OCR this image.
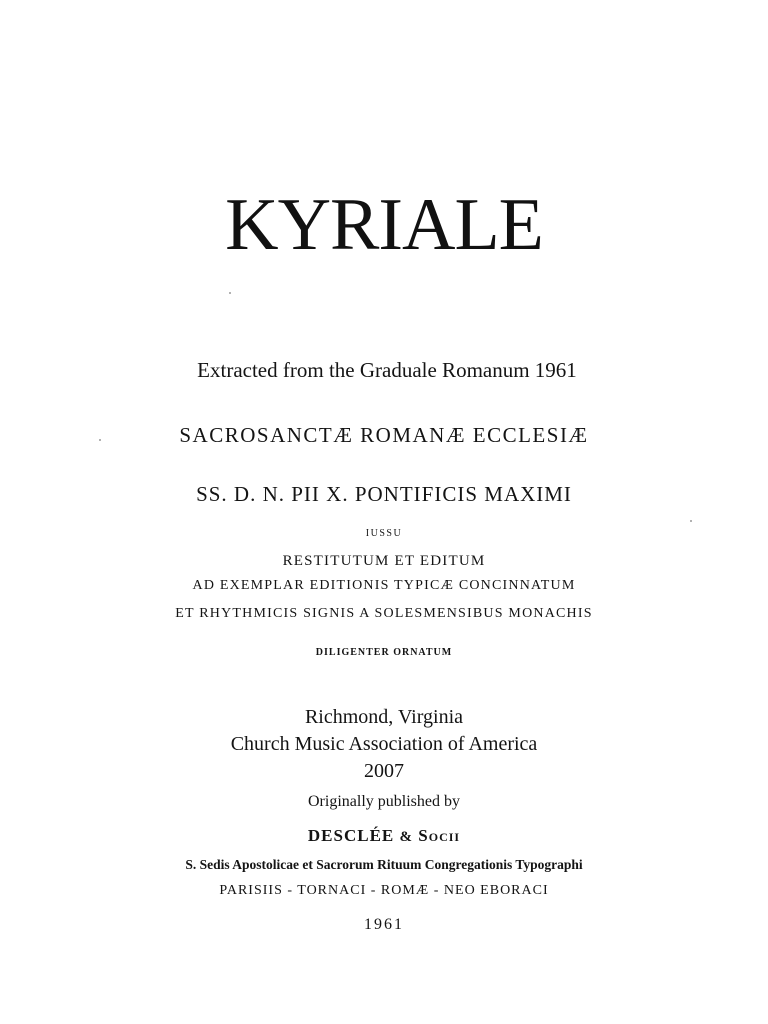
KYRIALE
Extracted from the Graduale Romanum 1961
SACROSANCTÆ ROMANÆ ECCLESIÆ
SS. D. N. PII X. PONTIFICIS MAXIMI
IUSSU
RESTITUTUM ET EDITUM
AD EXEMPLAR EDITIONIS TYPICÆ CONCINNATUM
ET RHYTHMICIS SIGNIS A SOLESMENSIBUS MONACHIS
DILIGENTER ORNATUM
Richmond, Virginia
Church Music Association of America
2007
Originally published by
DESCLÉE & Socii
S. Sedis Apostolicae et Sacrorum Rituum Congregationis Typographi
PARISIIS - TORNACI - ROMÆ - NEO EBORACI
1961
